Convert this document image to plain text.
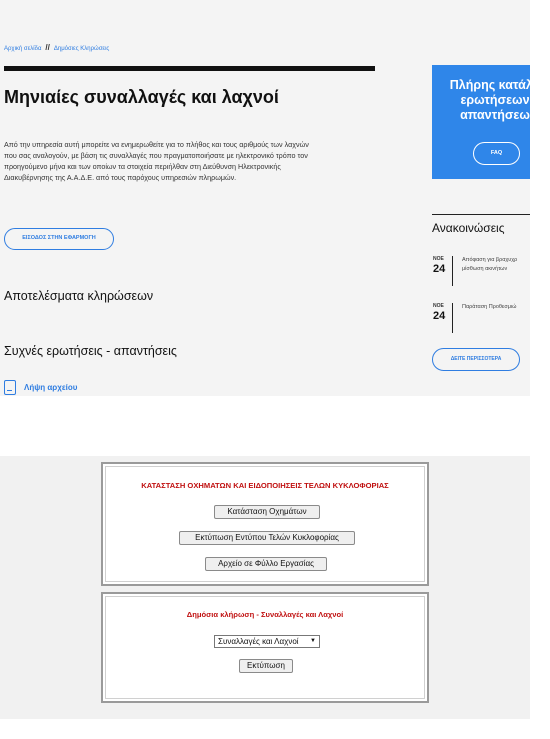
Αρχική σελίδα // Δημόσιες Κληρώσεις
Μηνιαίες συναλλαγές και λαχνοί
Από την υπηρεσία αυτή μπορείτε να ενημερωθείτε για το πλήθος και τους αριθμούς των λαχνών
που σας αναλογούν, με βάση τις συναλλαγές που πραγματοποιήσατε με ηλεκτρονικό τρόπο τον
προηγούμενο μήνα και των οποίων τα στοιχεία περιήλθαν στη Διεύθυνση Ηλεκτρονικής
Διακυβέρνησης της Α.Α.Δ.Ε. από τους παρόχους υπηρεσιών πληρωμών.
ΕΙΣΟΔΟΣ ΣΤΗΝ ΕΦΑΡΜΟΓΗ
Αποτελέσματα κληρώσεων
Συχνές ερωτήσεις - απαντήσεις
Λήψη αρχείου
Πλήρης κατάλο
ερωτήσεων
απαντήσεω
FAQ
Ανακοινώσεις
ΝΟΕ
24
Απόφαση για βραχυχρ
μίσθωση ακινήτων
ΝΟΕ
24
Παράταση Προθεσμιώ
ΔΕΙΤΕ ΠΕΡΙΣΣΟΤΕΡΑ
ΚΑΤΑΣΤΑΣΗ ΟΧΗΜΑΤΩΝ ΚΑΙ ΕΙΔΟΠΟΙΗΣΕΙΣ ΤΕΛΩΝ ΚΥΚΛΟΦΟΡΙΑΣ
Κατάσταση Οχημάτων
Εκτύπωση Εντύπου Τελών Κυκλοφορίας
Αρχείο σε Φύλλο Εργασίας
Δημόσια κλήρωση - Συναλλαγές και Λαχνοί
Συναλλαγές και Λαχνοί ▼
Εκτύπωση
